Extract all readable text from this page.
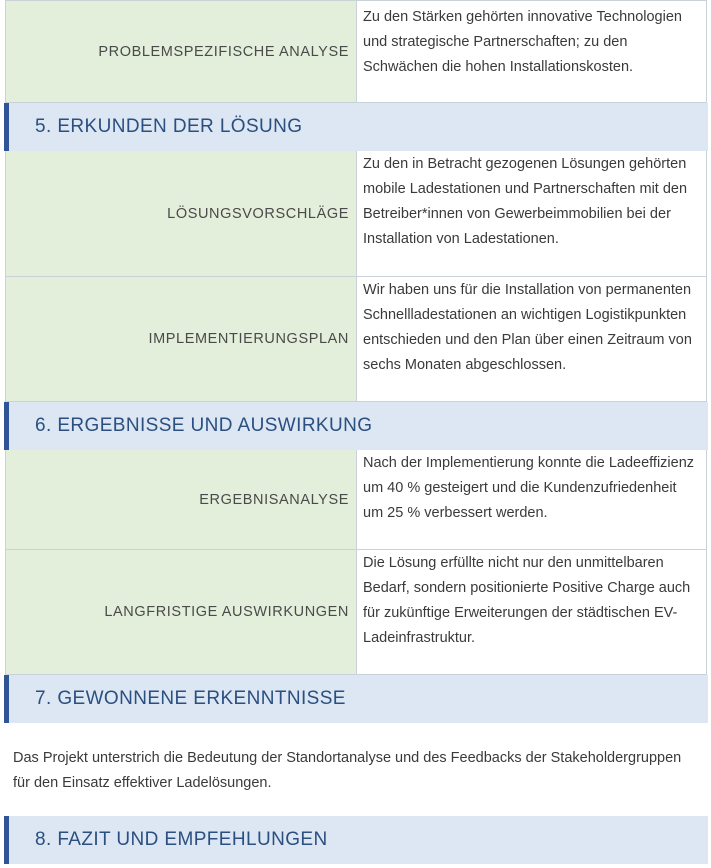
PROBLEMSPEZIFISCHE ANALYSE
Zu den Stärken gehörten innovative Technologien und strategische Partnerschaften; zu den Schwächen die hohen Installationskosten.
5. ERKUNDEN DER LÖSUNG
LÖSUNGSVORSCHLÄGE
Zu den in Betracht gezogenen Lösungen gehörten mobile Ladestationen und Partnerschaften mit den Betreiber*innen von Gewerbeimmobilien bei der Installation von Ladestationen.
IMPLEMENTIERUNGSPLAN
Wir haben uns für die Installation von permanenten Schnellladestationen an wichtigen Logistikpunkten entschieden und den Plan über einen Zeitraum von sechs Monaten abgeschlossen.
6. ERGEBNISSE UND AUSWIRKUNG
ERGEBNISANALYSE
Nach der Implementierung konnte die Ladeeffizienz um 40 % gesteigert und die Kundenzufriedenheit um 25 % verbessert werden.
LANGFRISTIGE AUSWIRKUNGEN
Die Lösung erfüllte nicht nur den unmittelbaren Bedarf, sondern positionierte Positive Charge auch für zukünftige Erweiterungen der städtischen EV-Ladeinfrastruktur.
7. GEWONNENE ERKENNTNISSE
Das Projekt unterstrich die Bedeutung der Standortanalyse und des Feedbacks der Stakeholdergruppen für den Einsatz effektiver Ladelösungen.
8. FAZIT UND EMPFEHLUNGEN
